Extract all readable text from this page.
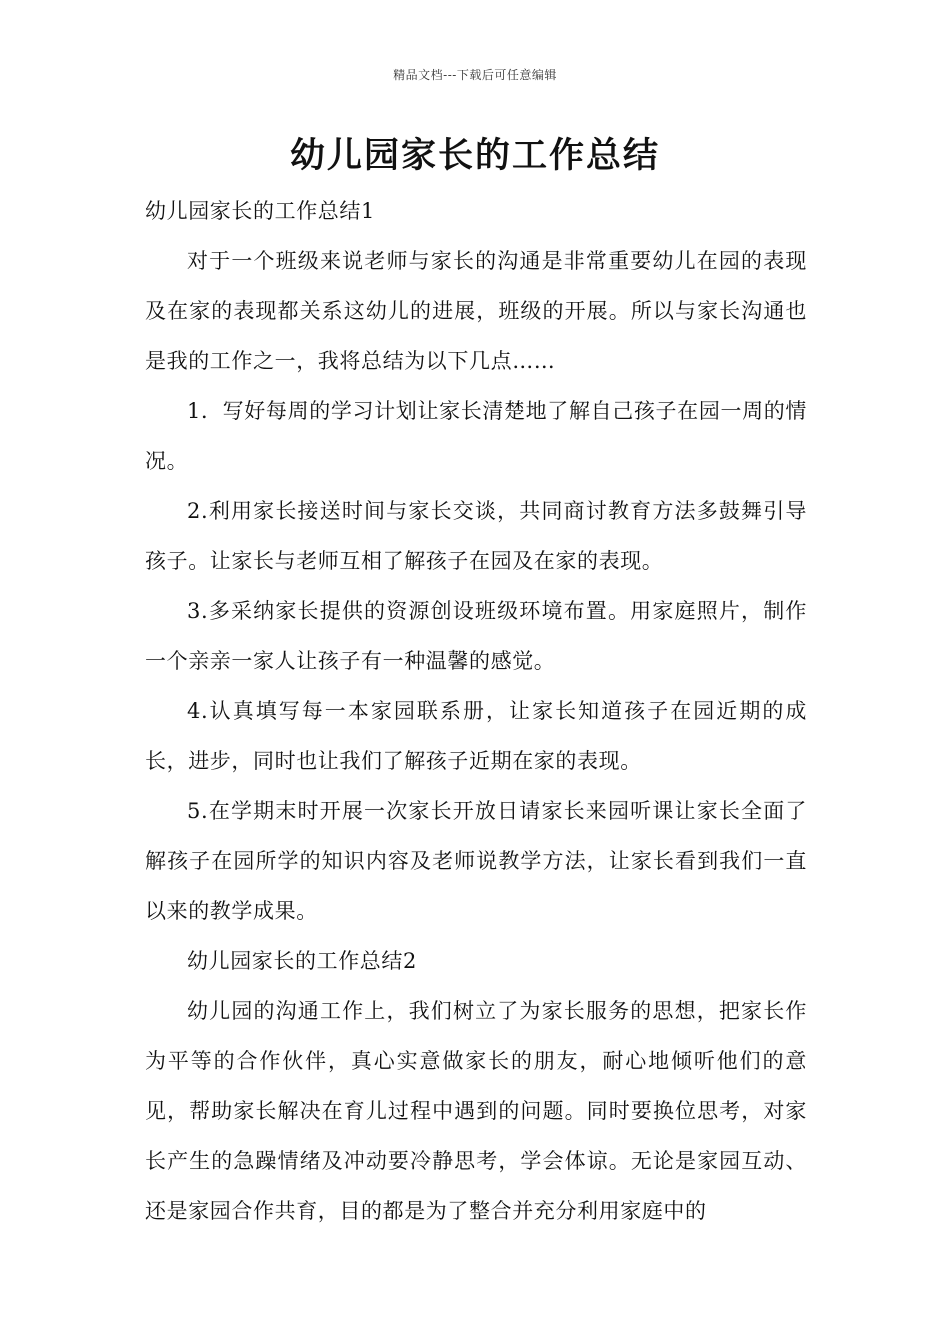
精品文档---下载后可任意编辑
幼儿园家长的工作总结

幼儿园家长的工作总结1

对于一个班级来说老师与家长的沟通是非常重要幼儿在园的表现及在家的表现都关系这幼儿的进展，班级的开展。所以与家长沟通也是我的工作之一，我将总结为以下几点……

1．写好每周的学习计划让家长清楚地了解自己孩子在园一周的情况。

2.利用家长接送时间与家长交谈，共同商讨教育方法多鼓舞引导孩子。让家长与老师互相了解孩子在园及在家的表现。

3.多采纳家长提供的资源创设班级环境布置。用家庭照片，制作一个亲亲一家人让孩子有一种温馨的感觉。

4.认真填写每一本家园联系册，让家长知道孩子在园近期的成长，进步，同时也让我们了解孩子近期在家的表现。

5.在学期末时开展一次家长开放日请家长来园听课让家长全面了解孩子在园所学的知识内容及老师说教学方法，让家长看到我们一直以来的教学成果。

幼儿园家长的工作总结2

幼儿园的沟通工作上，我们树立了为家长服务的思想，把家长作为平等的合作伙伴，真心实意做家长的朋友，耐心地倾听他们的意见，帮助家长解决在育儿过程中遇到的问题。同时要换位思考，对家长产生的急躁情绪及冲动要冷静思考，学会体谅。无论是家园互动、还是家园合作共育，目的都是为了整合并充分利用家庭中的
